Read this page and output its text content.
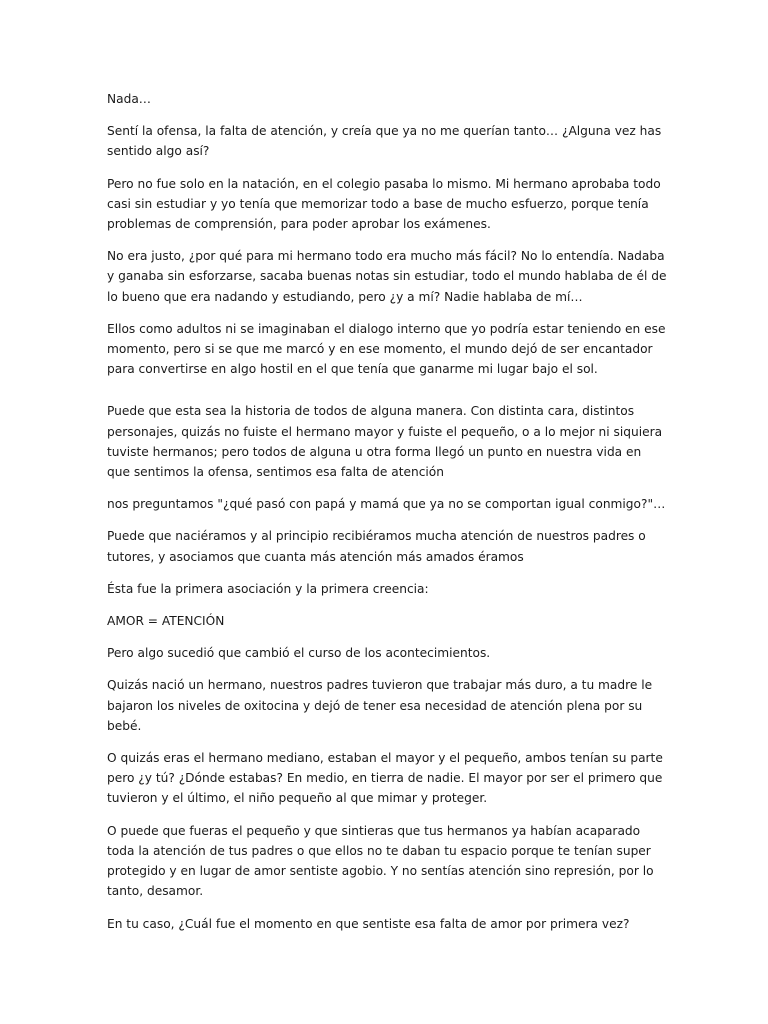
Nada…

Sentí la ofensa, la falta de atención, y creía que ya no me querían tanto… ¿Alguna vez has sentido algo así?

Pero no fue solo en la natación, en el colegio pasaba lo mismo. Mi hermano aprobaba todo casi sin estudiar y yo tenía que memorizar todo a base de mucho esfuerzo, porque tenía problemas de comprensión, para poder aprobar los exámenes.

No era justo, ¿por qué para mi hermano todo era mucho más fácil? No lo entendía. Nadaba y ganaba sin esforzarse, sacaba buenas notas sin estudiar, todo el mundo hablaba de él de lo bueno que era nadando y estudiando, pero ¿y a mí? Nadie hablaba de mí…

Ellos como adultos ni se imaginaban el dialogo interno que yo podría estar teniendo en ese momento, pero si se que me marcó y en ese momento, el mundo dejó de ser encantador para convertirse en algo hostil en el que tenía que ganarme mi lugar bajo el sol.

Puede que esta sea la historia de todos de alguna manera. Con distinta cara, distintos personajes, quizás no fuiste el hermano mayor y fuiste el pequeño, o a lo mejor ni siquiera tuviste hermanos; pero todos de alguna u otra forma llegó un punto en nuestra vida en que sentimos la ofensa, sentimos esa falta de atención

nos preguntamos "¿qué pasó con papá y mamá que ya no se comportan igual conmigo?"…

Puede que naciéramos y al principio recibiéramos mucha atención de nuestros padres o tutores, y asociamos que cuanta más atención más amados éramos

Ésta fue la primera asociación y la primera creencia:

AMOR = ATENCIÓN

Pero algo sucedió que cambió el curso de los acontecimientos.

Quizás nació un hermano, nuestros padres tuvieron que trabajar más duro, a tu madre le bajaron los niveles de oxitocina y dejó de tener esa necesidad de atención plena por su bebé.

O quizás eras el hermano mediano, estaban el mayor y el pequeño, ambos tenían su parte pero ¿y tú? ¿Dónde estabas? En medio, en tierra de nadie. El mayor por ser el primero que tuvieron y el último, el niño pequeño al que mimar y proteger.

O puede que fueras el pequeño y que sintieras que tus hermanos ya habían acaparado toda la atención de tus padres o que ellos no te daban tu espacio porque te tenían super protegido y en lugar de amor sentiste agobio. Y no sentías atención sino represión, por lo tanto, desamor.

En tu caso, ¿Cuál fue el momento en que sentiste esa falta de amor por primera vez?
